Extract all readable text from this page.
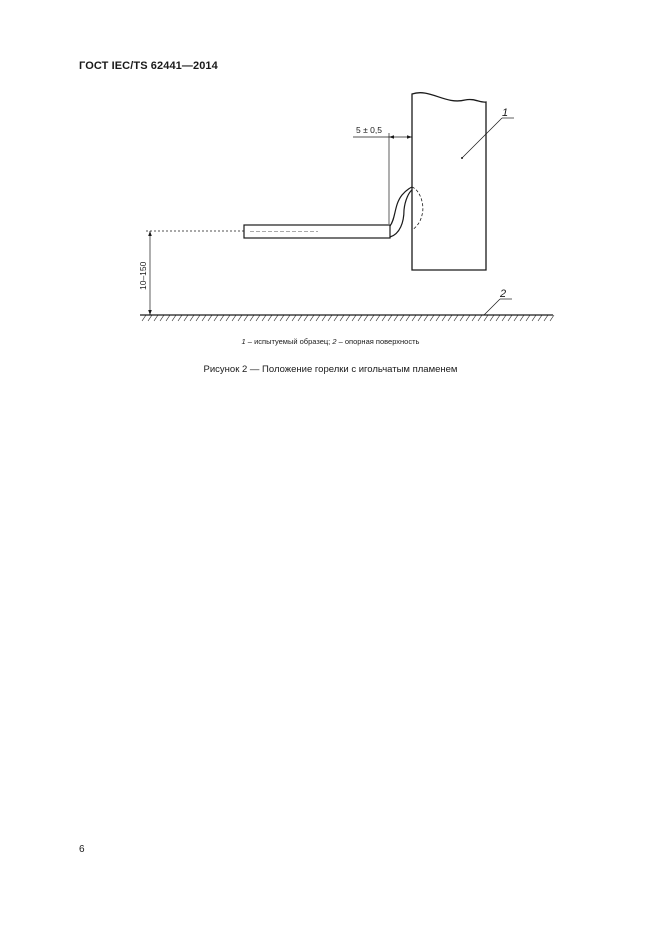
ГОСТ IEC/TS 62441—2014
5 ± 0,5
10–150
1
2
1 – испытуемый образец; 2 – опорная поверхность
Рисунок 2 — Положение горелки с игольчатым пламенем
6
